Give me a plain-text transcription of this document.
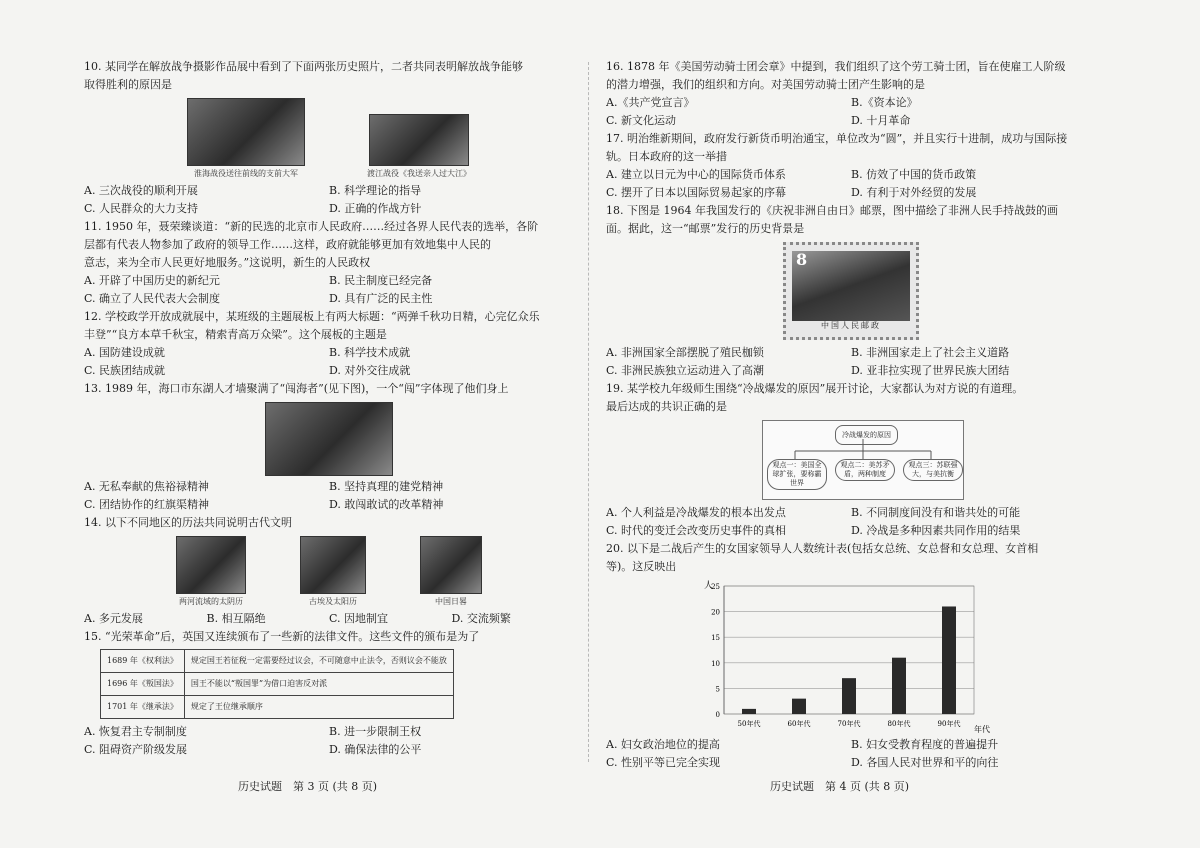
10. 某同学在解放战争摄影作品展中看到了下面两张历史照片，二者共同表明解放战争能够
取得胜利的原因是
淮海战役送往前线的支前大军	渡江战役《我送亲人过大江》
A. 三次战役的顺利开展	B. 科学理论的指导
C. 人民群众的大力支持	D. 正确的作战方针
11. 1950 年，聂荣臻谈道：“新的民选的北京市人民政府……经过各界人民代表的选举，各阶
层都有代表人物参加了政府的领导工作……这样，政府就能够更加有效地集中人民的
意志，来为全市人民更好地服务。”这说明，新生的人民政权
A. 开辟了中国历史的新纪元	B. 民主制度已经完备
C. 确立了人民代表大会制度	D. 具有广泛的民主性
12. 学校政学开放成就展中，某班级的主题展板上有两大标题：“两弹千秋功日精，心完亿众乐
丰登”“良方本草千秋宝，精索青高万众梁”。这个展板的主题是
A. 国防建设成就	B. 科学技术成就
C. 民族团结成就	D. 对外交往成就
13. 1989 年，海口市东湖人才墙聚满了“闯海者”(见下图)，一个“闯”字体现了他们身上
A. 无私奉献的焦裕禄精神	B. 坚持真理的建党精神
C. 团结协作的红旗渠精神	D. 敢闯敢试的改革精神
14. 以下不同地区的历法共同说明古代文明
两河流域的太阴历	古埃及太阳历	中国日晷
A. 多元发展	B. 相互隔绝	C. 因地制宜	D. 交流频繁
15. “光荣革命”后，英国又连续颁布了一些新的法律文件。这些文件的颁布是为了
1689 年《权利法》	规定国王若征税一定需要经过议会，不可随意中止法令，否则议会不能放
1696 年《叛国法》	国王不能以“叛国罪”为借口迫害反对派
1701 年《继承法》	规定了王位继承顺序
A. 恢复君主专制制度	B. 进一步限制王权
C. 阻碍资产阶级发展	D. 确保法律的公平
16. 1878 年《美国劳动骑士团会章》中提到，我们组织了这个劳工骑士团，旨在使雇工人阶级
的潜力增强，我们的组织和方向。对美国劳动骑士团产生影响的是
A.《共产党宣言》	B.《资本论》
C. 新文化运动	D. 十月革命
17. 明治维新期间，政府发行新货币明治通宝，单位改为“圆”，并且实行十进制，成功与国际接
轨。日本政府的这一举措
A. 建立以日元为中心的国际货币体系	B. 仿效了中国的货币政策
C. 摆开了日本以国际贸易起家的序幕	D. 有利于对外经贸的发展
18. 下图是 1964 年我国发行的《庆祝非洲自由日》邮票，图中描绘了非洲人民手持战鼓的画
面。据此，这一“邮票”发行的历史背景是
8
中国人民邮政
A. 非洲国家全部摆脱了殖民枷锁	B. 非洲国家走上了社会主义道路
C. 非洲民族独立运动进入了高潮	D. 亚非拉实现了世界民族大团结
19. 某学校九年级师生围绕“冷战爆发的原因”展开讨论，大家都认为对方说的有道理。
最后达成的共识正确的是
冷战爆发的原因
观点一：美国全球扩张，要称霸世界
观点二：美苏矛盾，两种制度
观点三：苏联强大，与美抗衡
A. 个人利益是冷战爆发的根本出发点	B. 不同制度间没有和谐共处的可能
C. 时代的变迁会改变历史事件的真相	D. 冷战是多种因素共同作用的结果
20. 以下是二战后产生的女国家领导人人数统计表(包括女总统、女总督和女总理、女首相
等)。这反映出
0
5
10
15
20
25
50年代	60年代	70年代	80年代	90年代
人
年代
A. 妇女政治地位的提高	B. 妇女受教育程度的普遍提升
C. 性别平等已完全实现	D. 各国人民对世界和平的向往
历史试题　第 3 页 (共 8 页)	历史试题　第 4 页 (共 8 页)
